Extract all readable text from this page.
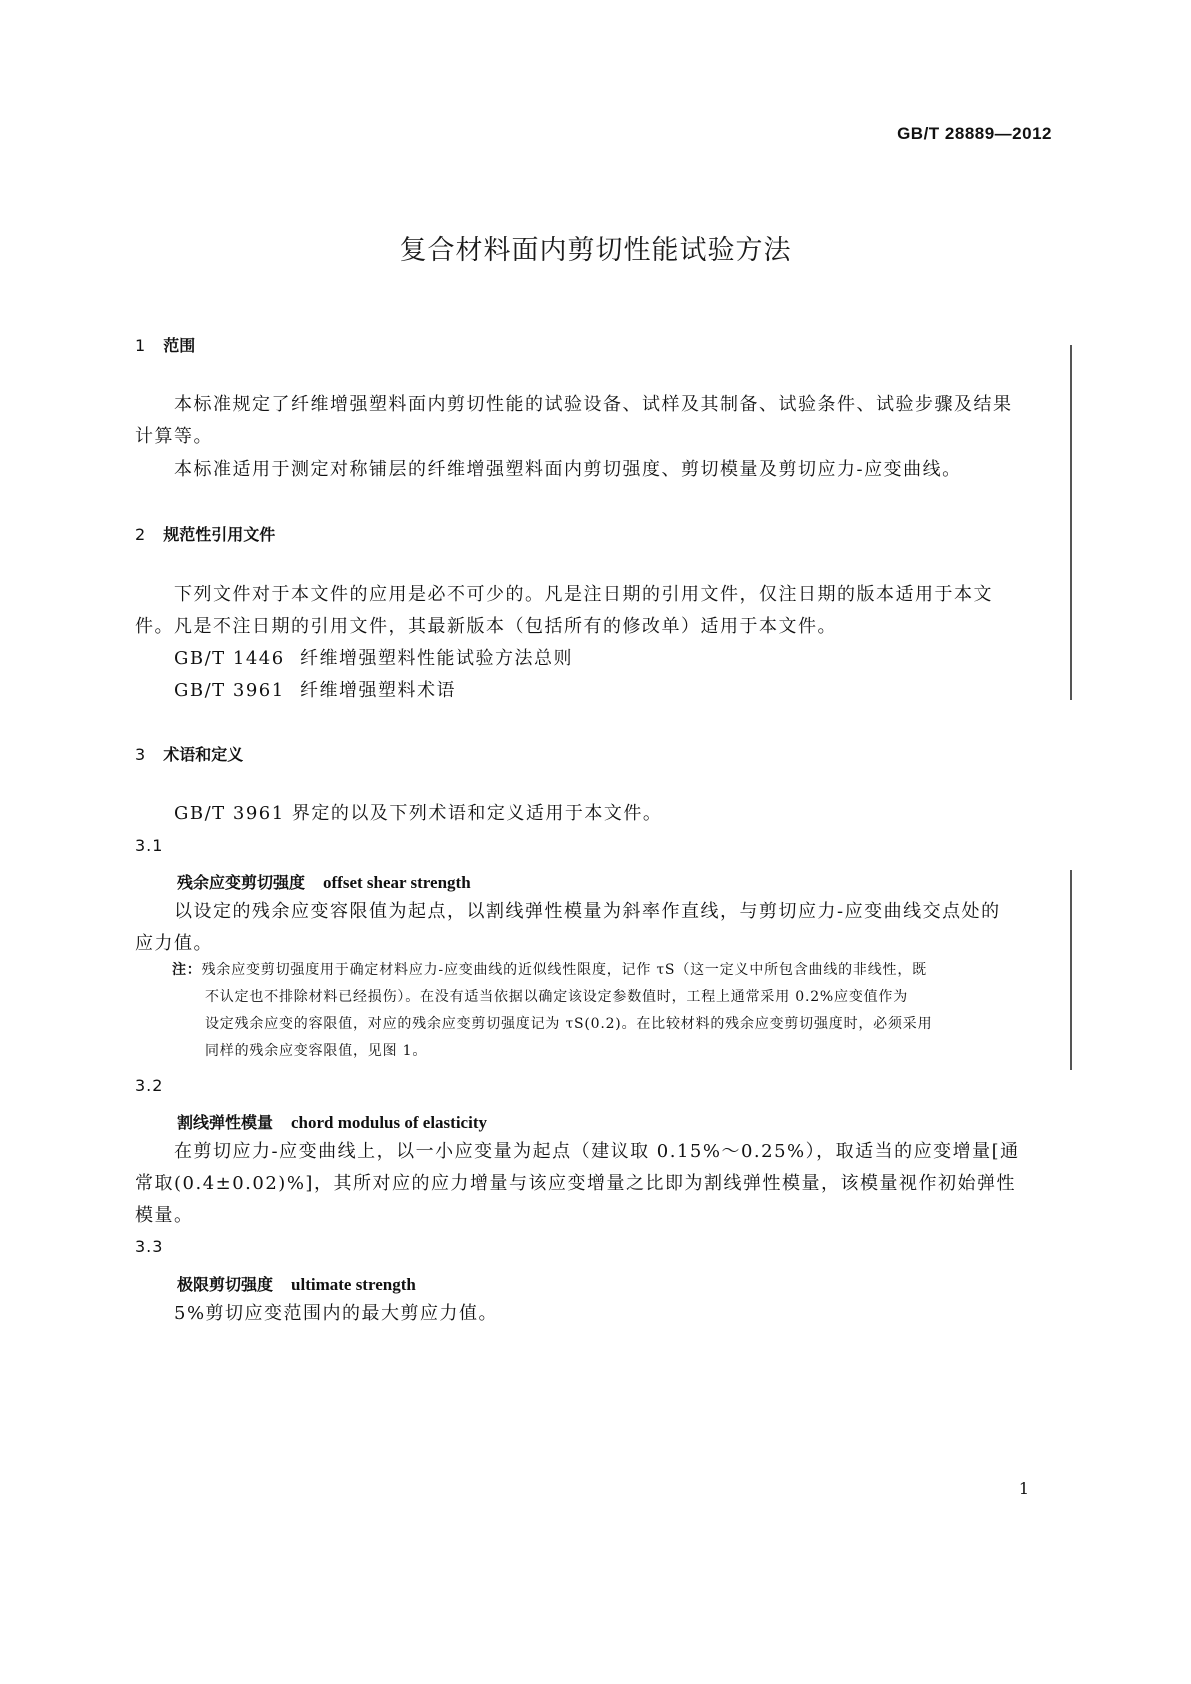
GB/T 28889—2012
复合材料面内剪切性能试验方法
1 范围
本标准规定了纤维增强塑料面内剪切性能的试验设备、试样及其制备、试验条件、试验步骤及结果
计算等。
本标准适用于测定对称铺层的纤维增强塑料面内剪切强度、剪切模量及剪切应力-应变曲线。
2 规范性引用文件
下列文件对于本文件的应用是必不可少的。凡是注日期的引用文件，仅注日期的版本适用于本文
件。凡是不注日期的引用文件，其最新版本（包括所有的修改单）适用于本文件。
GB/T 1446 纤维增强塑料性能试验方法总则
GB/T 3961 纤维增强塑料术语
3 术语和定义
GB/T 3961 界定的以及下列术语和定义适用于本文件。
3.1
残余应变剪切强度 offset shear strength
以设定的残余应变容限值为起点，以割线弹性模量为斜率作直线，与剪切应力-应变曲线交点处的
应力值。
注：残余应变剪切强度用于确定材料应力-应变曲线的近似线性限度，记作 τS（这一定义中所包含曲线的非线性，既
不认定也不排除材料已经损伤）。在没有适当依据以确定该设定参数值时，工程上通常采用 0.2%应变值作为
设定残余应变的容限值，对应的残余应变剪切强度记为 τS(0.2)。在比较材料的残余应变剪切强度时，必须采用
同样的残余应变容限值，见图 1。
3.2
割线弹性模量 chord modulus of elasticity
在剪切应力-应变曲线上，以一小应变量为起点（建议取 0.15%～0.25%），取适当的应变增量[通
常取(0.4±0.02)%]，其所对应的应力增量与该应变增量之比即为割线弹性模量，该模量视作初始弹性
模量。
3.3
极限剪切强度 ultimate strength
5%剪切应变范围内的最大剪应力值。
1
